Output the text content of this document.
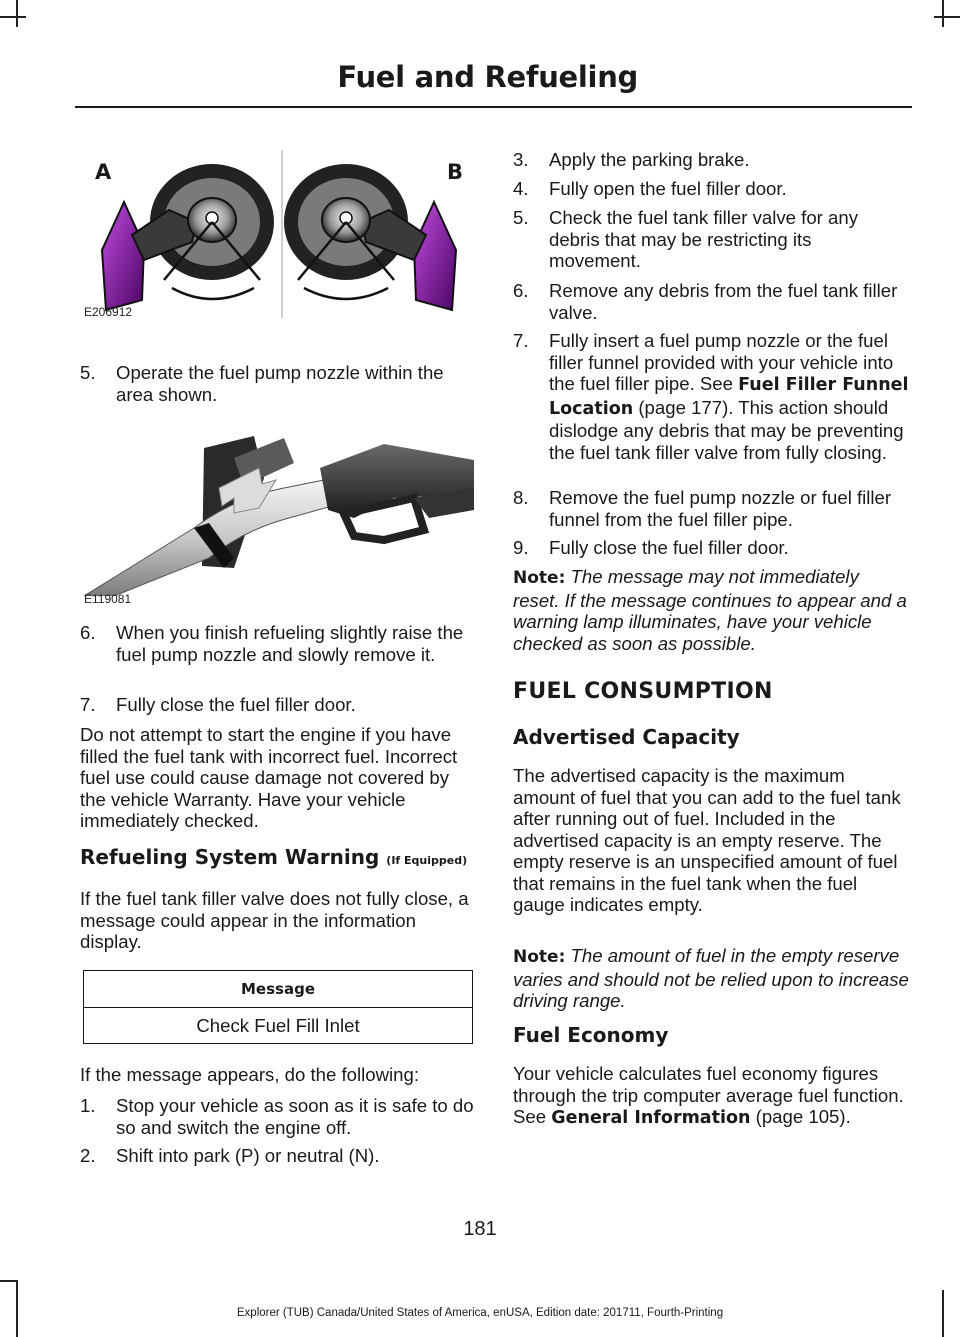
Fuel and Refueling
A	B
E206912
5. Operate the fuel pump nozzle within the area shown.
E119081
6. When you finish refueling slightly raise the fuel pump nozzle and slowly remove it.
7. Fully close the fuel filler door.
Do not attempt to start the engine if you have filled the fuel tank with incorrect fuel. Incorrect fuel use could cause damage not covered by the vehicle Warranty. Have your vehicle immediately checked.
Refueling System Warning (If Equipped)
If the fuel tank filler valve does not fully close, a message could appear in the information display.
Message
Check Fuel Fill Inlet
If the message appears, do the following:
1. Stop your vehicle as soon as it is safe to do so and switch the engine off.
2. Shift into park (P) or neutral (N).
3. Apply the parking brake.
4. Fully open the fuel filler door.
5. Check the fuel tank filler valve for any debris that may be restricting its movement.
6. Remove any debris from the fuel tank filler valve.
7. Fully insert a fuel pump nozzle or the fuel filler funnel provided with your vehicle into the fuel filler pipe. See Fuel Filler Funnel Location (page 177). This action should dislodge any debris that may be preventing the fuel tank filler valve from fully closing.
8. Remove the fuel pump nozzle or fuel filler funnel from the fuel filler pipe.
9. Fully close the fuel filler door.
Note: The message may not immediately reset. If the message continues to appear and a warning lamp illuminates, have your vehicle checked as soon as possible.
FUEL CONSUMPTION
Advertised Capacity
The advertised capacity is the maximum amount of fuel that you can add to the fuel tank after running out of fuel. Included in the advertised capacity is an empty reserve. The empty reserve is an unspecified amount of fuel that remains in the fuel tank when the fuel gauge indicates empty.
Note: The amount of fuel in the empty reserve varies and should not be relied upon to increase driving range.
Fuel Economy
Your vehicle calculates fuel economy figures through the trip computer average fuel function. See General Information (page 105).
181
Explorer (TUB) Canada/United States of America, enUSA, Edition date: 201711, Fourth-Printing
